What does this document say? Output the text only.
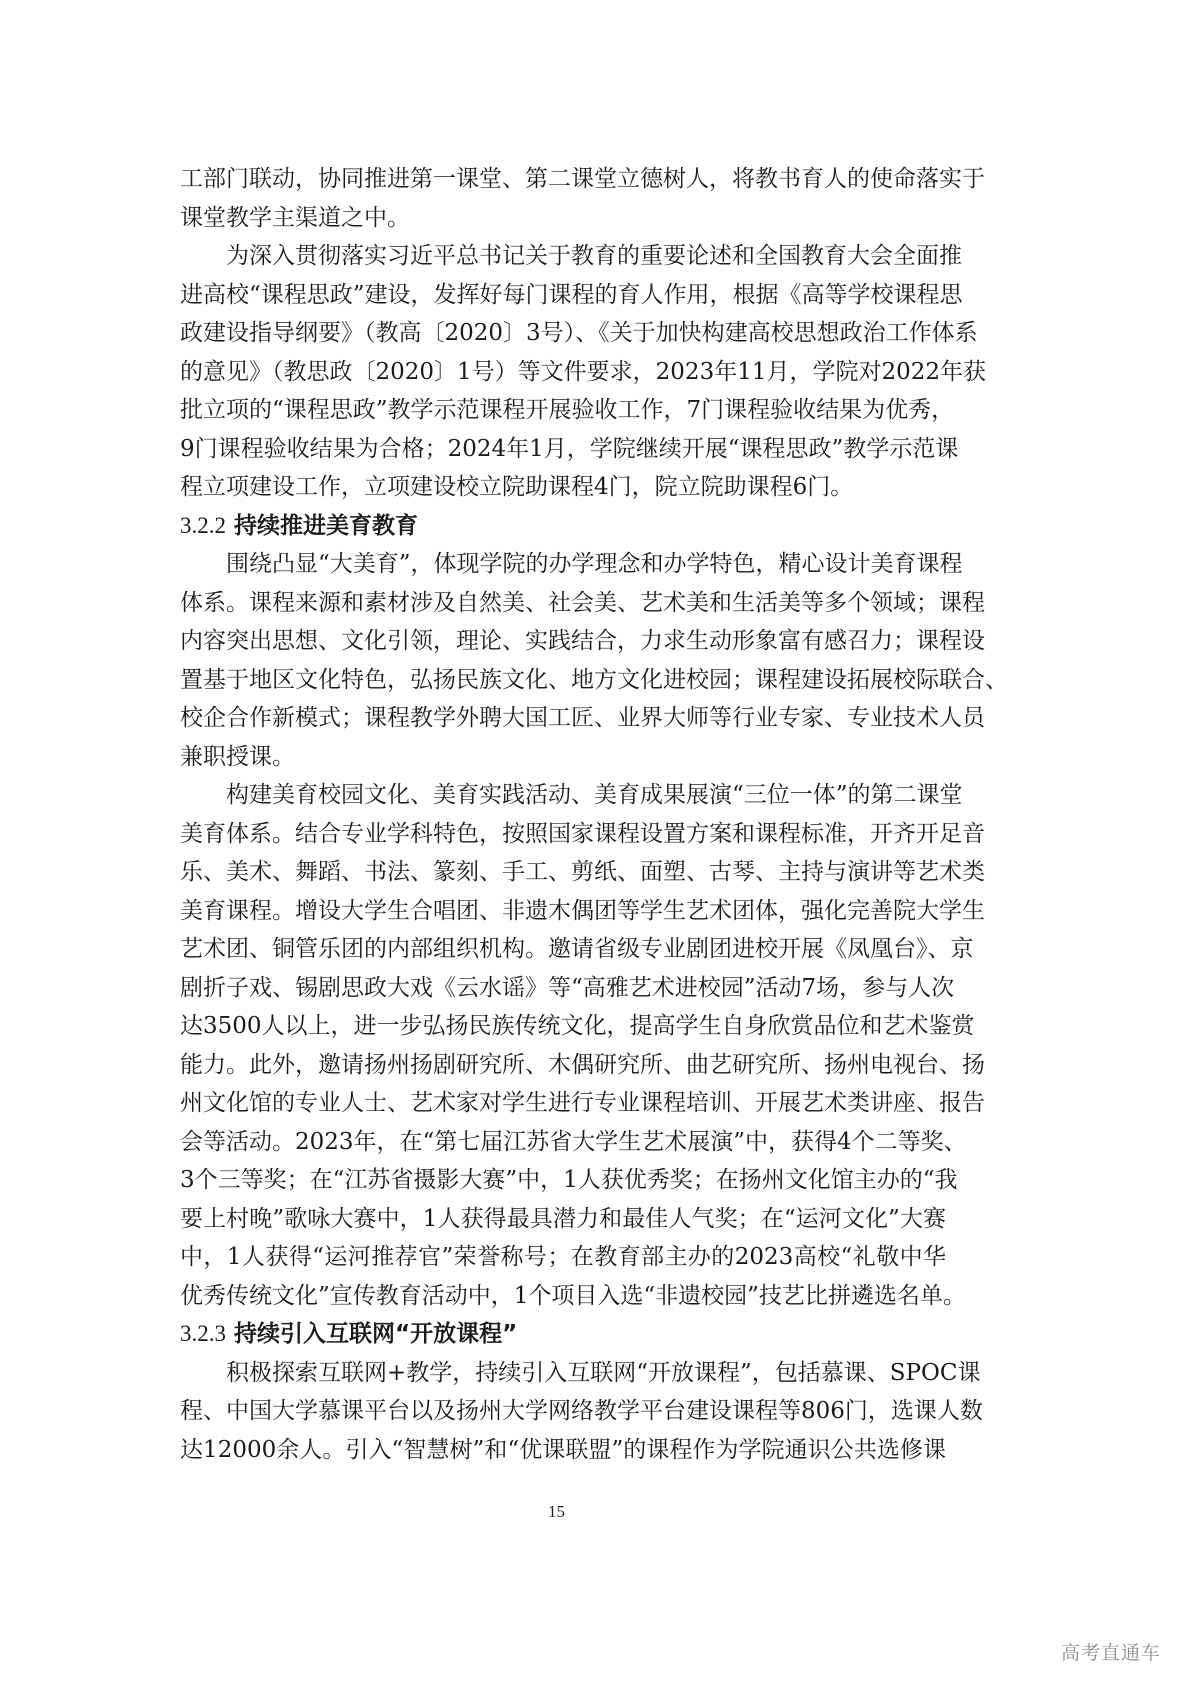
工部门联动，协同推进第一课堂、第二课堂立德树人，将教书育人的使命落实于
课堂教学主渠道之中。
为深入贯彻落实习近平总书记关于教育的重要论述和全国教育大会全面推
进高校“课程思政”建设，发挥好每门课程的育人作用，根据《高等学校课程思
政建设指导纲要》（教高〔2020〕3号）、《关于加快构建高校思想政治工作体系
的意见》（教思政〔2020〕1号）等文件要求，2023年11月，学院对2022年获
批立项的“课程思政”教学示范课程开展验收工作，7门课程验收结果为优秀，
9门课程验收结果为合格；2024年1月，学院继续开展“课程思政”教学示范课
程立项建设工作，立项建设校立院助课程4门，院立院助课程6门。
3.2.2 持续推进美育教育
围绕凸显“大美育”，体现学院的办学理念和办学特色，精心设计美育课程
体系。课程来源和素材涉及自然美、社会美、艺术美和生活美等多个领域；课程
内容突出思想、文化引领，理论、实践结合，力求生动形象富有感召力；课程设
置基于地区文化特色，弘扬民族文化、地方文化进校园；课程建设拓展校际联合、
校企合作新模式；课程教学外聘大国工匠、业界大师等行业专家、专业技术人员
兼职授课。
构建美育校园文化、美育实践活动、美育成果展演“三位一体”的第二课堂
美育体系。结合专业学科特色，按照国家课程设置方案和课程标准，开齐开足音
乐、美术、舞蹈、书法、篆刻、手工、剪纸、面塑、古琴、主持与演讲等艺术类
美育课程。增设大学生合唱团、非遗木偶团等学生艺术团体，强化完善院大学生
艺术团、铜管乐团的内部组织机构。邀请省级专业剧团进校开展《凤凰台》、京
剧折子戏、锡剧思政大戏《云水谣》等“高雅艺术进校园”活动7场，参与人次
达3500人以上，进一步弘扬民族传统文化，提高学生自身欣赏品位和艺术鉴赏
能力。此外，邀请扬州扬剧研究所、木偶研究所、曲艺研究所、扬州电视台、扬
州文化馆的专业人士、艺术家对学生进行专业课程培训、开展艺术类讲座、报告
会等活动。2023年，在“第七届江苏省大学生艺术展演”中，获得4个二等奖、
3个三等奖；在“江苏省摄影大赛”中，1人获优秀奖；在扬州文化馆主办的“我
要上村晚”歌咏大赛中，1人获得最具潜力和最佳人气奖；在“运河文化”大赛
中，1人获得“运河推荐官”荣誉称号；在教育部主办的2023高校“礼敬中华
优秀传统文化”宣传教育活动中，1个项目入选“非遗校园”技艺比拼遴选名单。
3.2.3 持续引入互联网“开放课程”
积极探索互联网+教学，持续引入互联网“开放课程”，包括慕课、SPOC课
程、中国大学慕课平台以及扬州大学网络教学平台建设课程等806门，选课人数
达12000余人。引入“智慧树”和“优课联盟”的课程作为学院通识公共选修课
15
高考直通车
